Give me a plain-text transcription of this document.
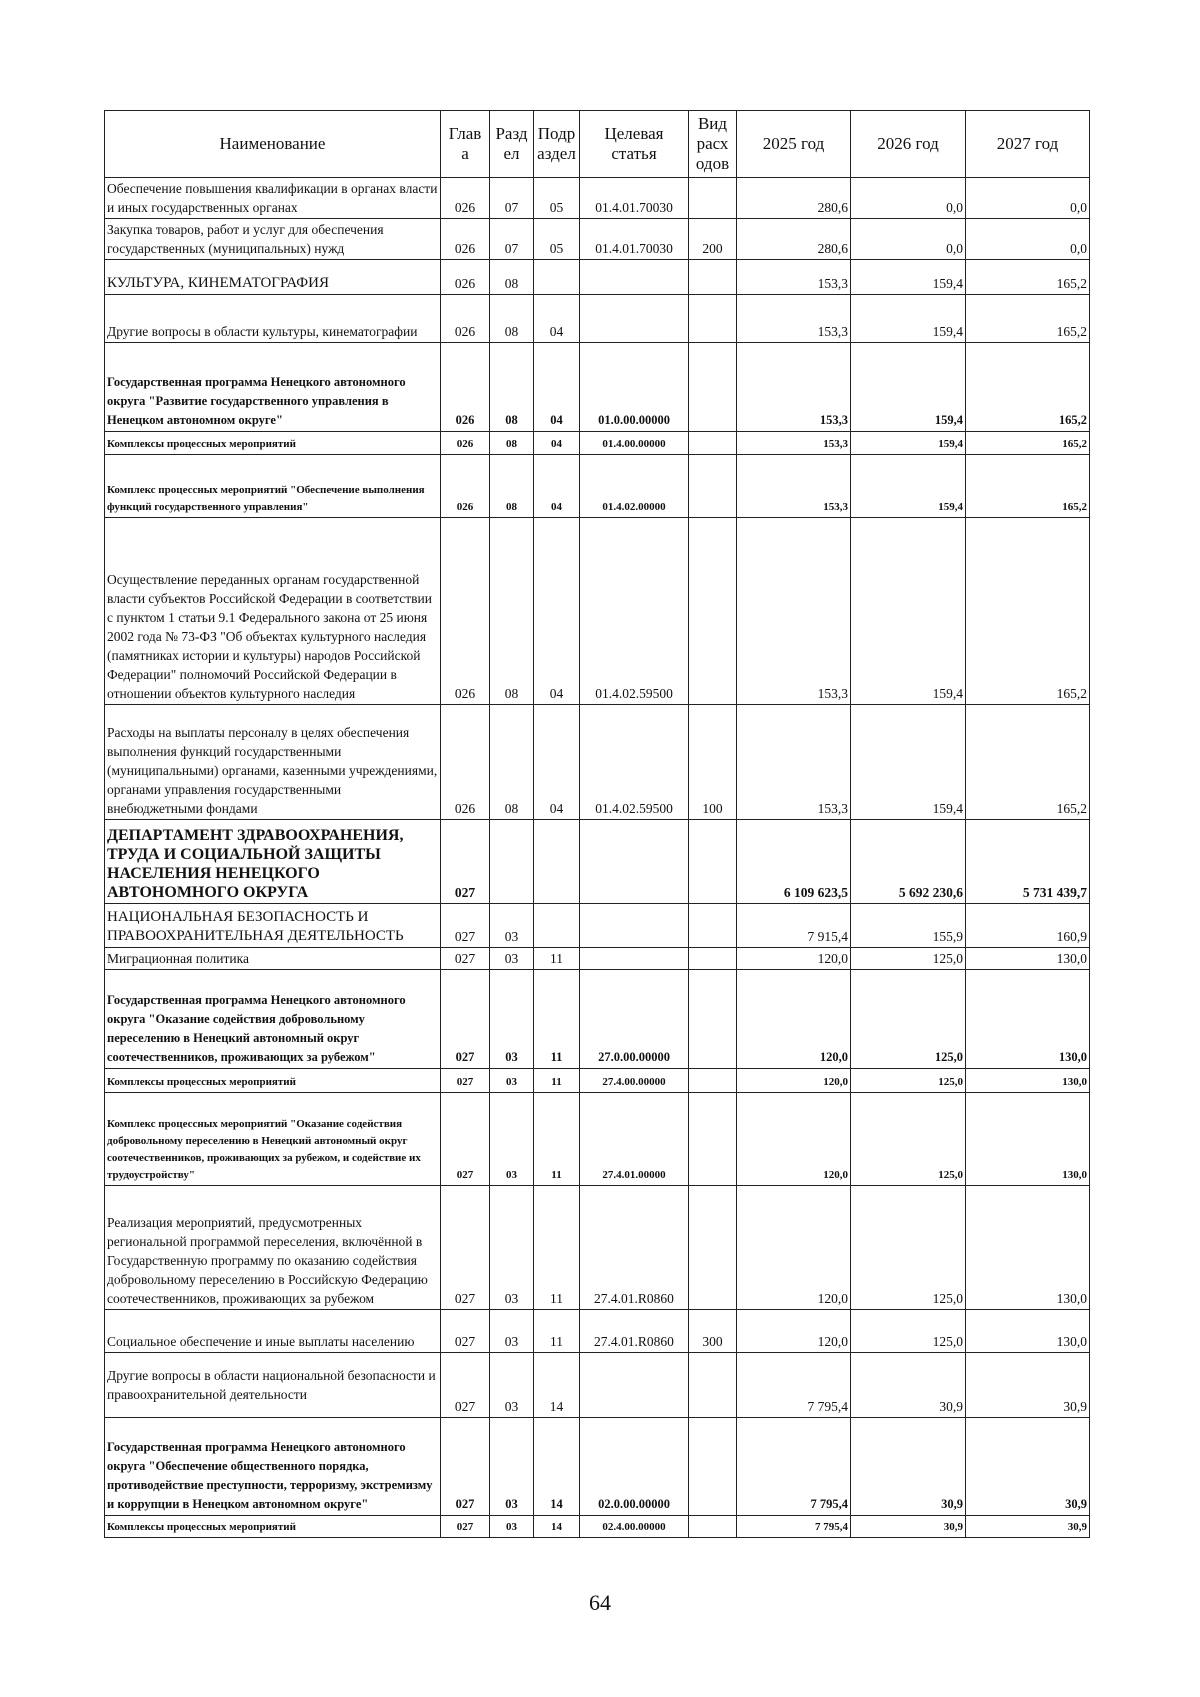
Наименование	Глав а	Разд ел	Подр аздел	Целевая статья	Вид расх одов	2025 год	2026 год	2027 год
Обеспечение повышения квалификации в органах власти и иных государственных органах	026	07	05	01.4.01.70030		280,6	0,0	0,0
Закупка товаров, работ и услуг для обеспечения государственных (муниципальных) нужд	026	07	05	01.4.01.70030	200	280,6	0,0	0,0
КУЛЬТУРА, КИНЕМАТОГРАФИЯ	026	08				153,3	159,4	165,2
Другие вопросы в области культуры, кинематографии	026	08	04			153,3	159,4	165,2
Государственная программа Ненецкого автономного округа "Развитие государственного управления в Ненецком автономном округе"	026	08	04	01.0.00.00000		153,3	159,4	165,2
Комплексы процессных мероприятий	026	08	04	01.4.00.00000		153,3	159,4	165,2
Комплекс процессных мероприятий "Обеспечение выполнения функций государственного управления"	026	08	04	01.4.02.00000		153,3	159,4	165,2
Осуществление переданных органам государственной власти субъектов Российской Федерации в соответствии с пунктом 1 статьи 9.1 Федерального закона от 25 июня 2002 года № 73-ФЗ "Об объектах культурного наследия (памятниках истории и культуры) народов Российской Федерации" полномочий Российской Федерации в отношении объектов культурного наследия	026	08	04	01.4.02.59500		153,3	159,4	165,2
Расходы на выплаты персоналу в целях обеспечения выполнения функций государственными (муниципальными) органами, казенными учреждениями, органами управления государственными внебюджетными фондами	026	08	04	01.4.02.59500	100	153,3	159,4	165,2
ДЕПАРТАМЕНТ ЗДРАВООХРАНЕНИЯ, ТРУДА И СОЦИАЛЬНОЙ ЗАЩИТЫ НАСЕЛЕНИЯ НЕНЕЦКОГО АВТОНОМНОГО ОКРУГА	027					6 109 623,5	5 692 230,6	5 731 439,7
НАЦИОНАЛЬНАЯ БЕЗОПАСНОСТЬ И ПРАВООХРАНИТЕЛЬНАЯ ДЕЯТЕЛЬНОСТЬ	027	03				7 915,4	155,9	160,9
Миграционная политика	027	03	11			120,0	125,0	130,0
Государственная программа Ненецкого автономного округа "Оказание содействия добровольному переселению в Ненецкий автономный округ соотечественников, проживающих за рубежом"	027	03	11	27.0.00.00000		120,0	125,0	130,0
Комплексы процессных мероприятий	027	03	11	27.4.00.00000		120,0	125,0	130,0
Комплекс процессных мероприятий "Оказание содействия добровольному переселению в Ненецкий автономный округ соотечественников, проживающих за рубежом, и содействие их трудоустройству"	027	03	11	27.4.01.00000		120,0	125,0	130,0
Реализация мероприятий, предусмотренных региональной программой переселения, включённой в Государственную программу по оказанию содействия добровольному переселению в Российскую Федерацию соотечественников, проживающих за рубежом	027	03	11	27.4.01.R0860		120,0	125,0	130,0
Социальное обеспечение и иные выплаты населению	027	03	11	27.4.01.R0860	300	120,0	125,0	130,0
Другие вопросы в области национальной безопасности и правоохранительной деятельности	027	03	14			7 795,4	30,9	30,9
Государственная программа Ненецкого автономного округа "Обеспечение общественного порядка, противодействие преступности, терроризму, экстремизму и коррупции в Ненецком автономном округе"	027	03	14	02.0.00.00000		7 795,4	30,9	30,9
Комплексы процессных мероприятий	027	03	14	02.4.00.00000		7 795,4	30,9	30,9
64
